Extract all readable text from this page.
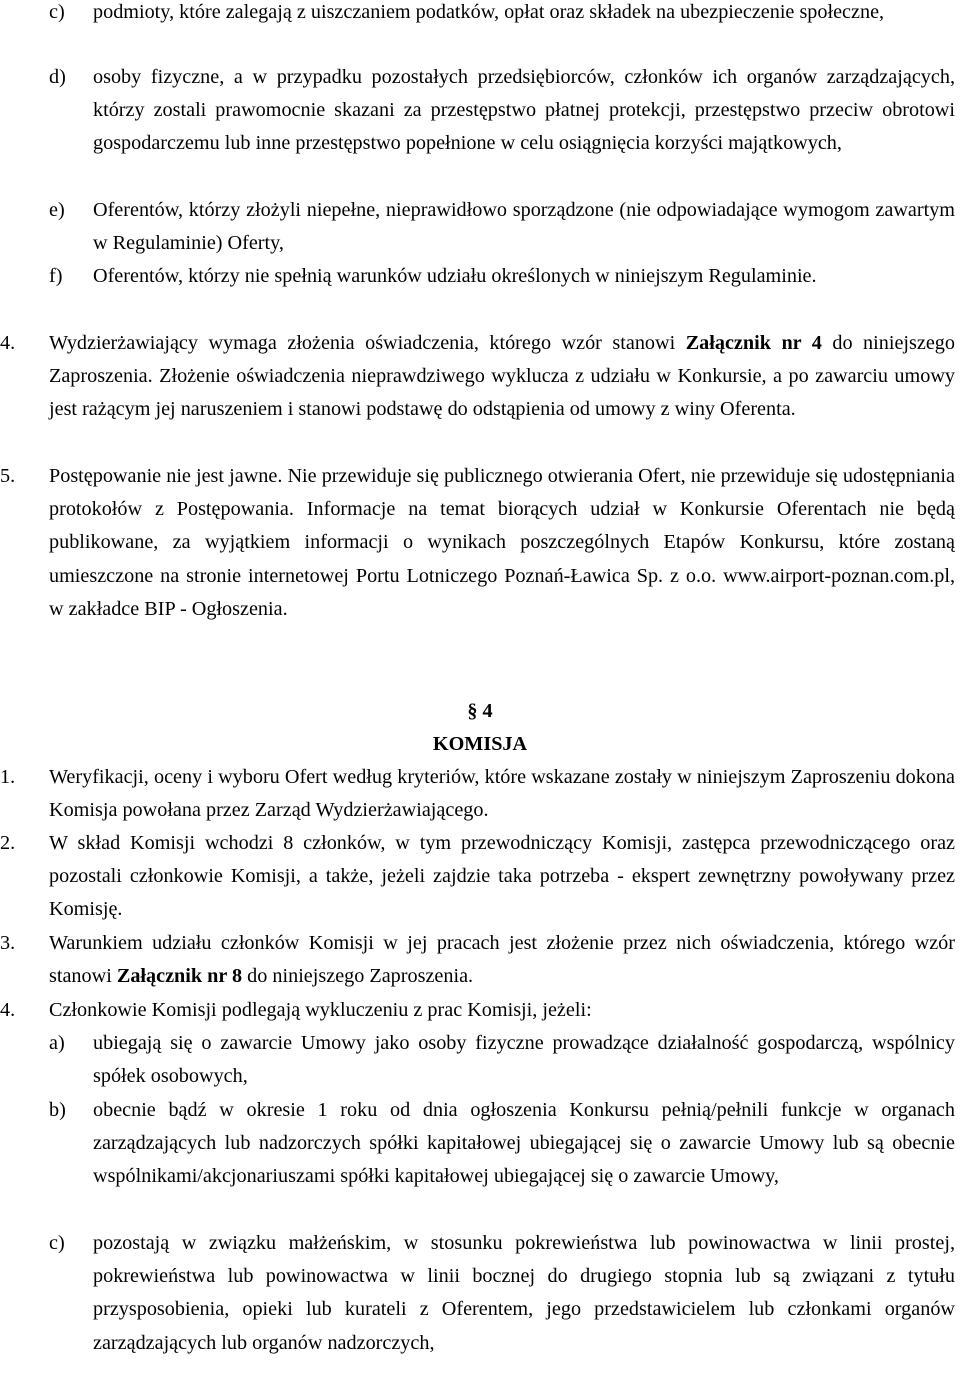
c)	podmioty, które zalegają z uiszczaniem podatków, opłat oraz składek na ubezpieczenie społeczne,
d)	osoby fizyczne, a w przypadku pozostałych przedsiębiorców, członków ich organów zarządzających, którzy zostali prawomocnie skazani za przestępstwo płatnej protekcji, przestępstwo przeciw obrotowi gospodarczemu lub inne przestępstwo popełnione w celu osiągnięcia korzyści majątkowych,
e)	Oferentów, którzy złożyli niepełne, nieprawidłowo sporządzone (nie odpowiadające wymogom zawartym w Regulaminie) Oferty,
f)	Oferentów, którzy nie spełnią warunków udziału określonych w niniejszym Regulaminie.
4.	Wydzierżawiający wymaga złożenia oświadczenia, którego wzór stanowi Załącznik nr 4 do niniejszego Zaproszenia. Złożenie oświadczenia nieprawdziwego wyklucza z udziału w Konkursie, a po zawarciu umowy jest rażącym jej naruszeniem i stanowi podstawę do odstąpienia od umowy z winy Oferenta.
5.	Postępowanie nie jest jawne. Nie przewiduje się publicznego otwierania Ofert, nie przewiduje się udostępniania protokołów z Postępowania. Informacje na temat biorących udział w Konkursie Oferentach nie będą publikowane, za wyjątkiem informacji o wynikach poszczególnych Etapów Konkursu, które zostaną umieszczone na stronie internetowej Portu Lotniczego Poznań-Ławica Sp. z o.o. www.airport-poznan.com.pl, w zakładce BIP - Ogłoszenia.
§ 4
KOMISJA
1.	Weryfikacji, oceny i wyboru Ofert według kryteriów, które wskazane zostały w niniejszym Zaproszeniu dokona Komisja powołana przez Zarząd Wydzierżawiającego.
2.	W skład Komisji wchodzi 8 członków, w tym przewodniczący Komisji, zastępca przewodniczącego oraz pozostali członkowie Komisji, a także, jeżeli zajdzie taka potrzeba - ekspert zewnętrzny powoływany przez Komisję.
3.	Warunkiem udziału członków Komisji w jej pracach jest złożenie przez nich oświadczenia, którego wzór stanowi Załącznik nr 8 do niniejszego Zaproszenia.
4.	Członkowie Komisji podlegają wykluczeniu z prac Komisji, jeżeli:
a)	ubiegają się o zawarcie Umowy jako osoby fizyczne prowadzące działalność gospodarczą, wspólnicy spółek osobowych,
b)	obecnie bądź w okresie 1 roku od dnia ogłoszenia Konkursu pełnią/pełnili funkcje w organach zarządzających lub nadzorczych spółki kapitałowej ubiegającej się o zawarcie Umowy lub są obecnie wspólnikami/akcjonariuszami spółki kapitałowej ubiegającej się o zawarcie Umowy,
c)	pozostają w związku małżeńskim, w stosunku pokrewieństwa lub powinowactwa w linii prostej, pokrewieństwa lub powinowactwa w linii bocznej do drugiego stopnia lub są związani z tytułu przysposobienia, opieki lub kurateli z Oferentem, jego przedstawicielem lub członkami organów zarządzających lub organów nadzorczych,
